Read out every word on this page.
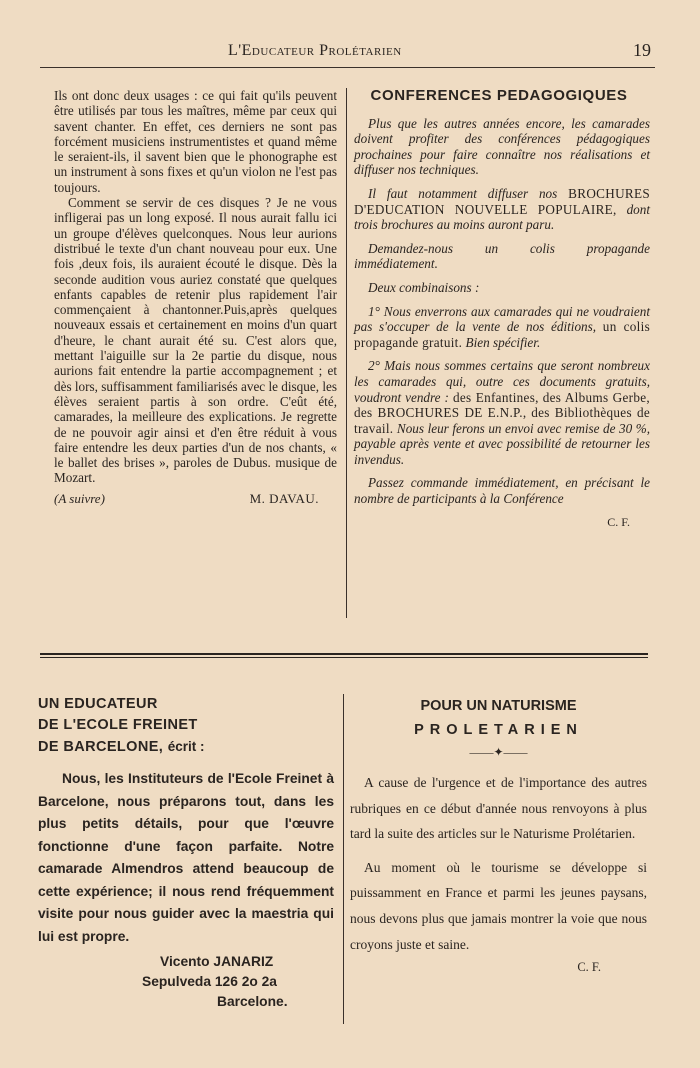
L'Educateur Prolétarien	19

Ils ont donc deux usages : ce qui fait qu'ils peuvent être utilisés par tous les maîtres, même par ceux qui savent chanter. En effet, ces derniers ne sont pas forcément musiciens instrumentistes et quand même le seraient-ils, il savent bien que le phonographe est un instrument à sons fixes et qu'un violon ne l'est pas toujours.

Comment se servir de ces disques ? Je ne vous infligerai pas un long exposé. Il nous aurait fallu ici un groupe d'élèves quelconques. Nous leur aurions distribué le texte d'un chant nouveau pour eux. Une fois ,deux fois, ils auraient écouté le disque. Dès la seconde audition vous auriez constaté que quelques enfants capables de retenir plus rapidement l'air commençaient à chantonner.Puis,après quelques nouveaux essais et certainement en moins d'un quart d'heure, le chant aurait été su. C'est alors que, mettant l'aiguille sur la 2e partie du disque, nous aurions fait entendre la partie accompagnement ; et dès lors, suffisamment familiarisés avec le disque, les élèves seraient partis à son ordre. C'eût été, camarades, la meilleure des explications. Je regrette de ne pouvoir agir ainsi et d'en être réduit à vous faire entendre les deux parties d'un de nos chants, « le ballet des brises », paroles de Dubus. musique de Mozart.

(A suivre)	M. DAVAU.
CONFERENCES PEDAGOGIQUES

Plus que les autres années encore, les camarades doivent profiter des conférences pédagogiques prochaines pour faire connaître nos réalisations et diffuser nos techniques.

Il faut notamment diffuser nos BROCHURES D'EDUCATION NOUVELLE POPULAIRE, dont trois brochures au moins auront paru.

Demandez-nous un colis propagande immédiatement.

Deux combinaisons :

1° Nous enverrons aux camarades qui ne voudraient pas s'occuper de la vente de nos éditions, un colis propagande gratuit. Bien spécifier.

2° Mais nous sommes certains que seront nombreux les camarades qui, outre ces documents gratuits, voudront vendre : des Enfantines, des Albums Gerbe, des BROCHURES DE E.N.P., des Bibliothèques de travail. Nous leur ferons un envoi avec remise de 30 %, payable après vente et avec possibilité de retourner les invendus.

Passez commande immédiatement, en précisant le nombre de participants à la Conférence

C. F.
UN EDUCATEUR
DE L'ECOLE FREINET
DE BARCELONE, écrit :
Nous, les Instituteurs de l'Ecole Freinet à Barcelone, nous préparons tout, dans les plus petits détails, pour que l'œuvre fonctionne d'une façon parfaite. Notre camarade Almendros attend beaucoup de cette expérience; il nous rend fréquemment visite pour nous guider avec la maestria qui lui est propre.
Vicento JANARIZ
Sepulveda 126 2o 2a
Barcelone.
POUR UN NATURISME
PROLETARIEN
——✦——

A cause de l'urgence et de l'importance des autres rubriques en ce début d'année nous renvoyons à plus tard la suite des articles sur le Naturisme Prolétarien.

Au moment où le tourisme se développe si puissamment en France et parmi les jeunes paysans, nous devons plus que jamais montrer la voie que nous croyons juste et saine.

C. F.
